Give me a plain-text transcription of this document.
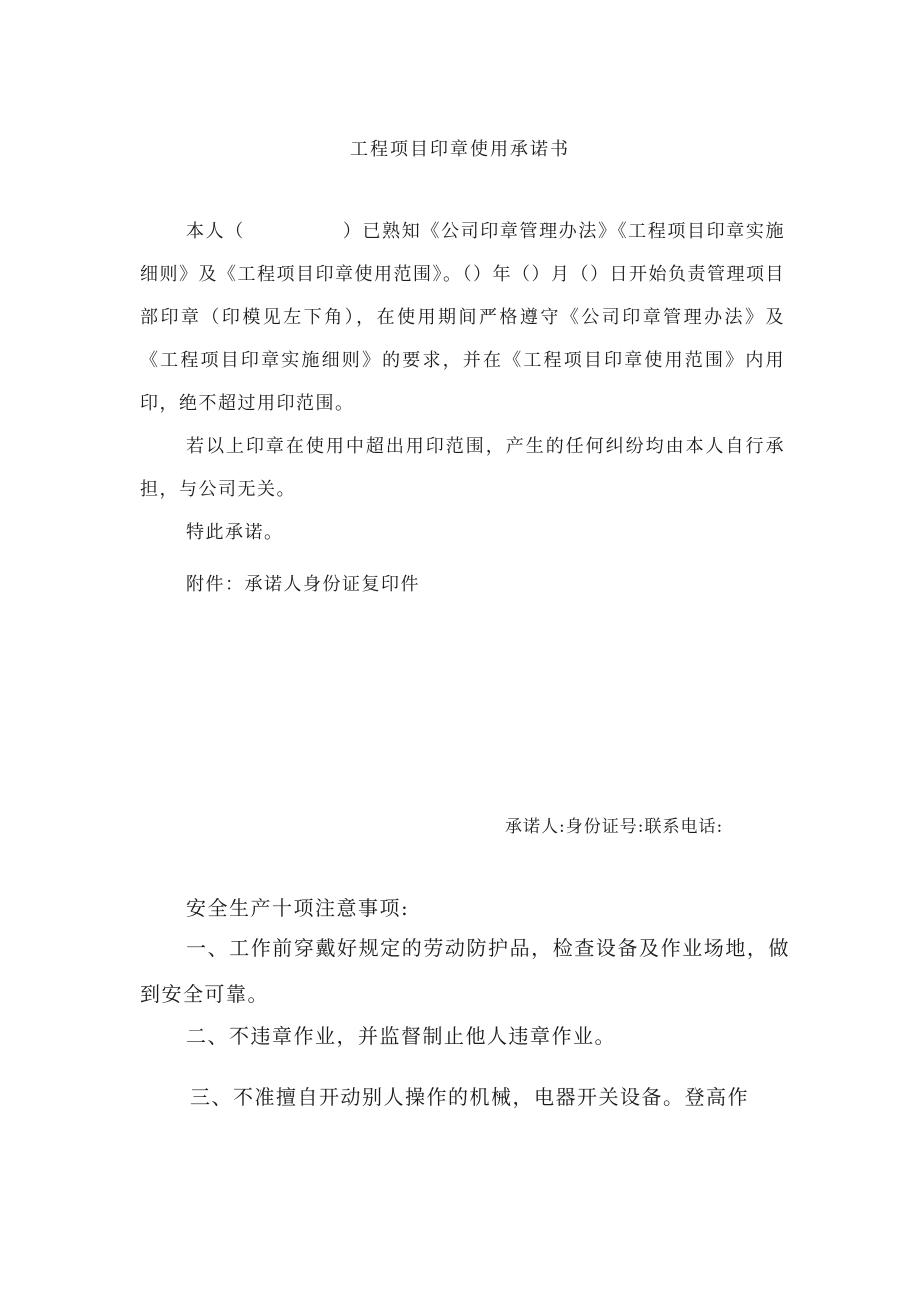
工程项目印章使用承诺书
本人（　　　　　）已熟知《公司印章管理办法》《工程项目印章实施细则》及《工程项目印章使用范围》。（）年（）月（）日开始负责管理项目部印章（印模见左下角），在使用期间严格遵守《公司印章管理办法》及《工程项目印章实施细则》的要求，并在《工程项目印章使用范围》内用印，绝不超过用印范围。
若以上印章在使用中超出用印范围，产生的任何纠纷均由本人自行承担，与公司无关。
特此承诺。
附件：承诺人身份证复印件
承诺人:身份证号:联系电话:
安全生产十项注意事项:
一、工作前穿戴好规定的劳动防护品，检查设备及作业场地，做到安全可靠。
二、不违章作业，并监督制止他人违章作业。
三、不准擅自开动别人操作的机械，电器开关设备。登高作
